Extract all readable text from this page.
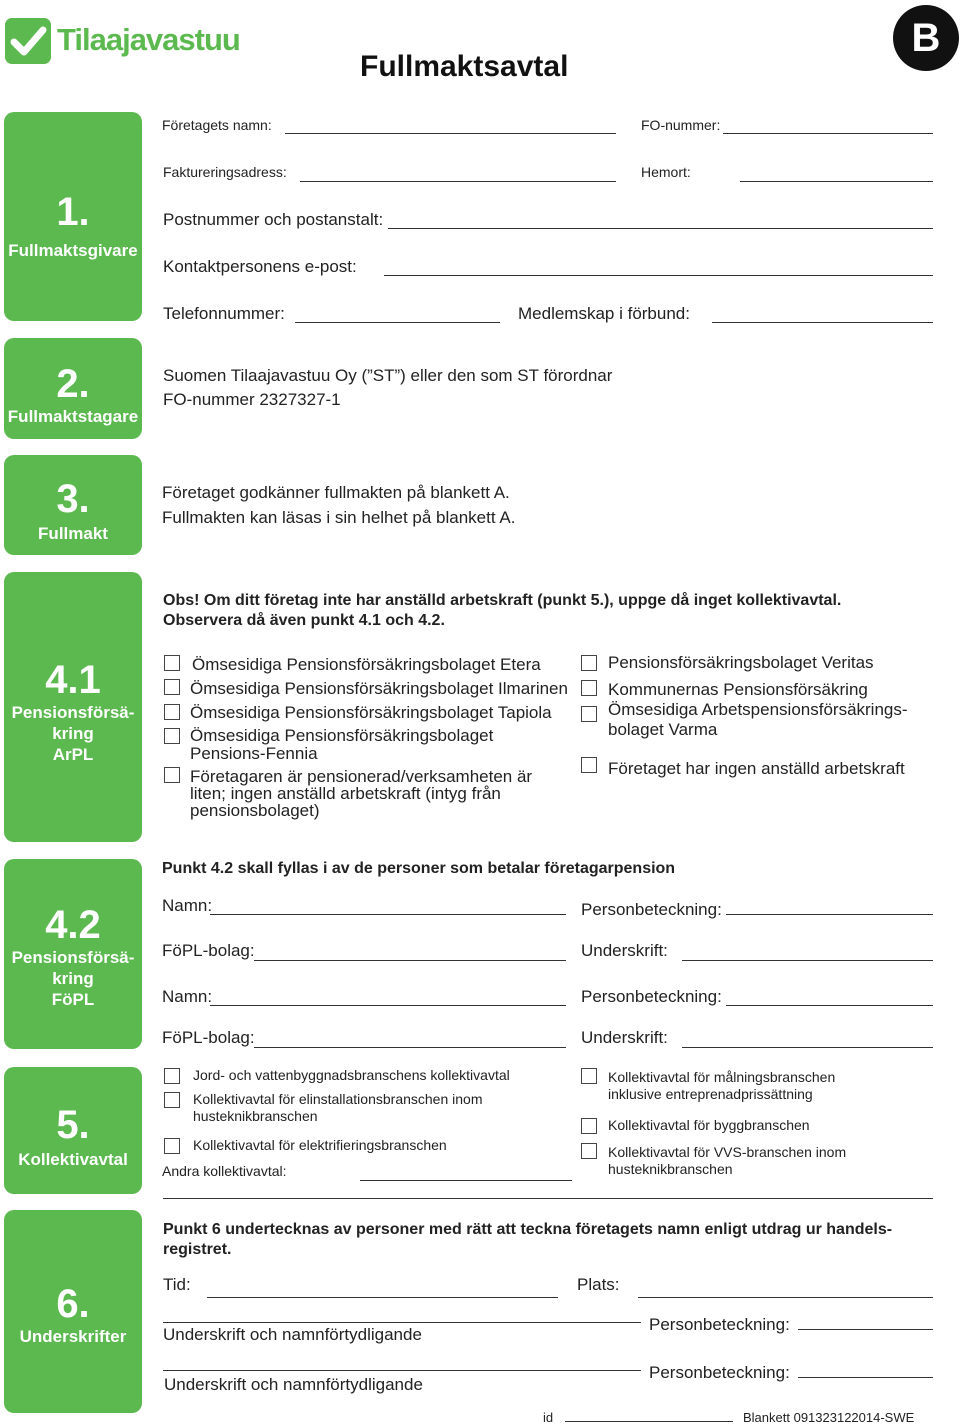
Tilaajavastuu	B
Fullmaktsavtal
1.
Fullmaktsgivare
Företagets namn:	FO-nummer:
Faktureringsadress:	Hemort:
Postnummer och postanstalt:
Kontaktpersonens e-post:
Telefonnummer:	Medlemskap i förbund:
2.
Fullmaktstagare
Suomen Tilaajavastuu Oy (”ST”) eller den som ST förordnar
FO-nummer 2327327-1
3.
Fullmakt
Företaget godkänner fullmakten på blankett A.
Fullmakten kan läsas i sin helhet på blankett A.
4.1
Pensionsförsä-
kring
ArPL
Obs! Om ditt företag inte har anställd arbetskraft (punkt 5.), uppge då inget kollektivavtal.
Observera då även punkt 4.1 och 4.2.
Ömsesidiga Pensionsförsäkringsbolaget Etera
Ömsesidiga Pensionsförsäkringsbolaget Ilmarinen
Ömsesidiga Pensionsförsäkringsbolaget Tapiola
Ömsesidiga Pensionsförsäkringsbolaget
Pensions-Fennia
Företagaren är pensionerad/verksamheten är
liten; ingen anställd arbetskraft (intyg från
pensionsbolaget)
Pensionsförsäkringsbolaget Veritas
Kommunernas Pensionsförsäkring
Ömsesidiga Arbetspensionsförsäkrings-
bolaget Varma
Företaget har ingen anställd arbetskraft
4.2
Pensionsförsä-
kring
FöPL
Punkt 4.2 skall fyllas i av de personer som betalar företagarpension
Namn:	Personbeteckning:
FöPL-bolag:	Underskrift:
Namn:	Personbeteckning:
FöPL-bolag:	Underskrift:
5.
Kollektivavtal
Jord- och vattenbyggnadsbranschens kollektivavtal
Kollektivavtal för elinstallationsbranschen inom
husteknikbranschen
Kollektivavtal för elektrifieringsbranschen
Andra kollektivavtal:
Kollektivavtal för målningsbranschen
inklusive entreprenadprissättning
Kollektivavtal för byggbranschen
Kollektivavtal för VVS-branschen inom
husteknikbranschen
6.
Underskrifter
Punkt 6 undertecknas av personer med rätt att teckna företagets namn enligt utdrag ur handels-
registret.
Tid:	Plats:
Underskrift och namnförtydligande
Personbeteckning:
Underskrift och namnförtydligande
Personbeteckning:
id	Blankett 091323122014-SWE
